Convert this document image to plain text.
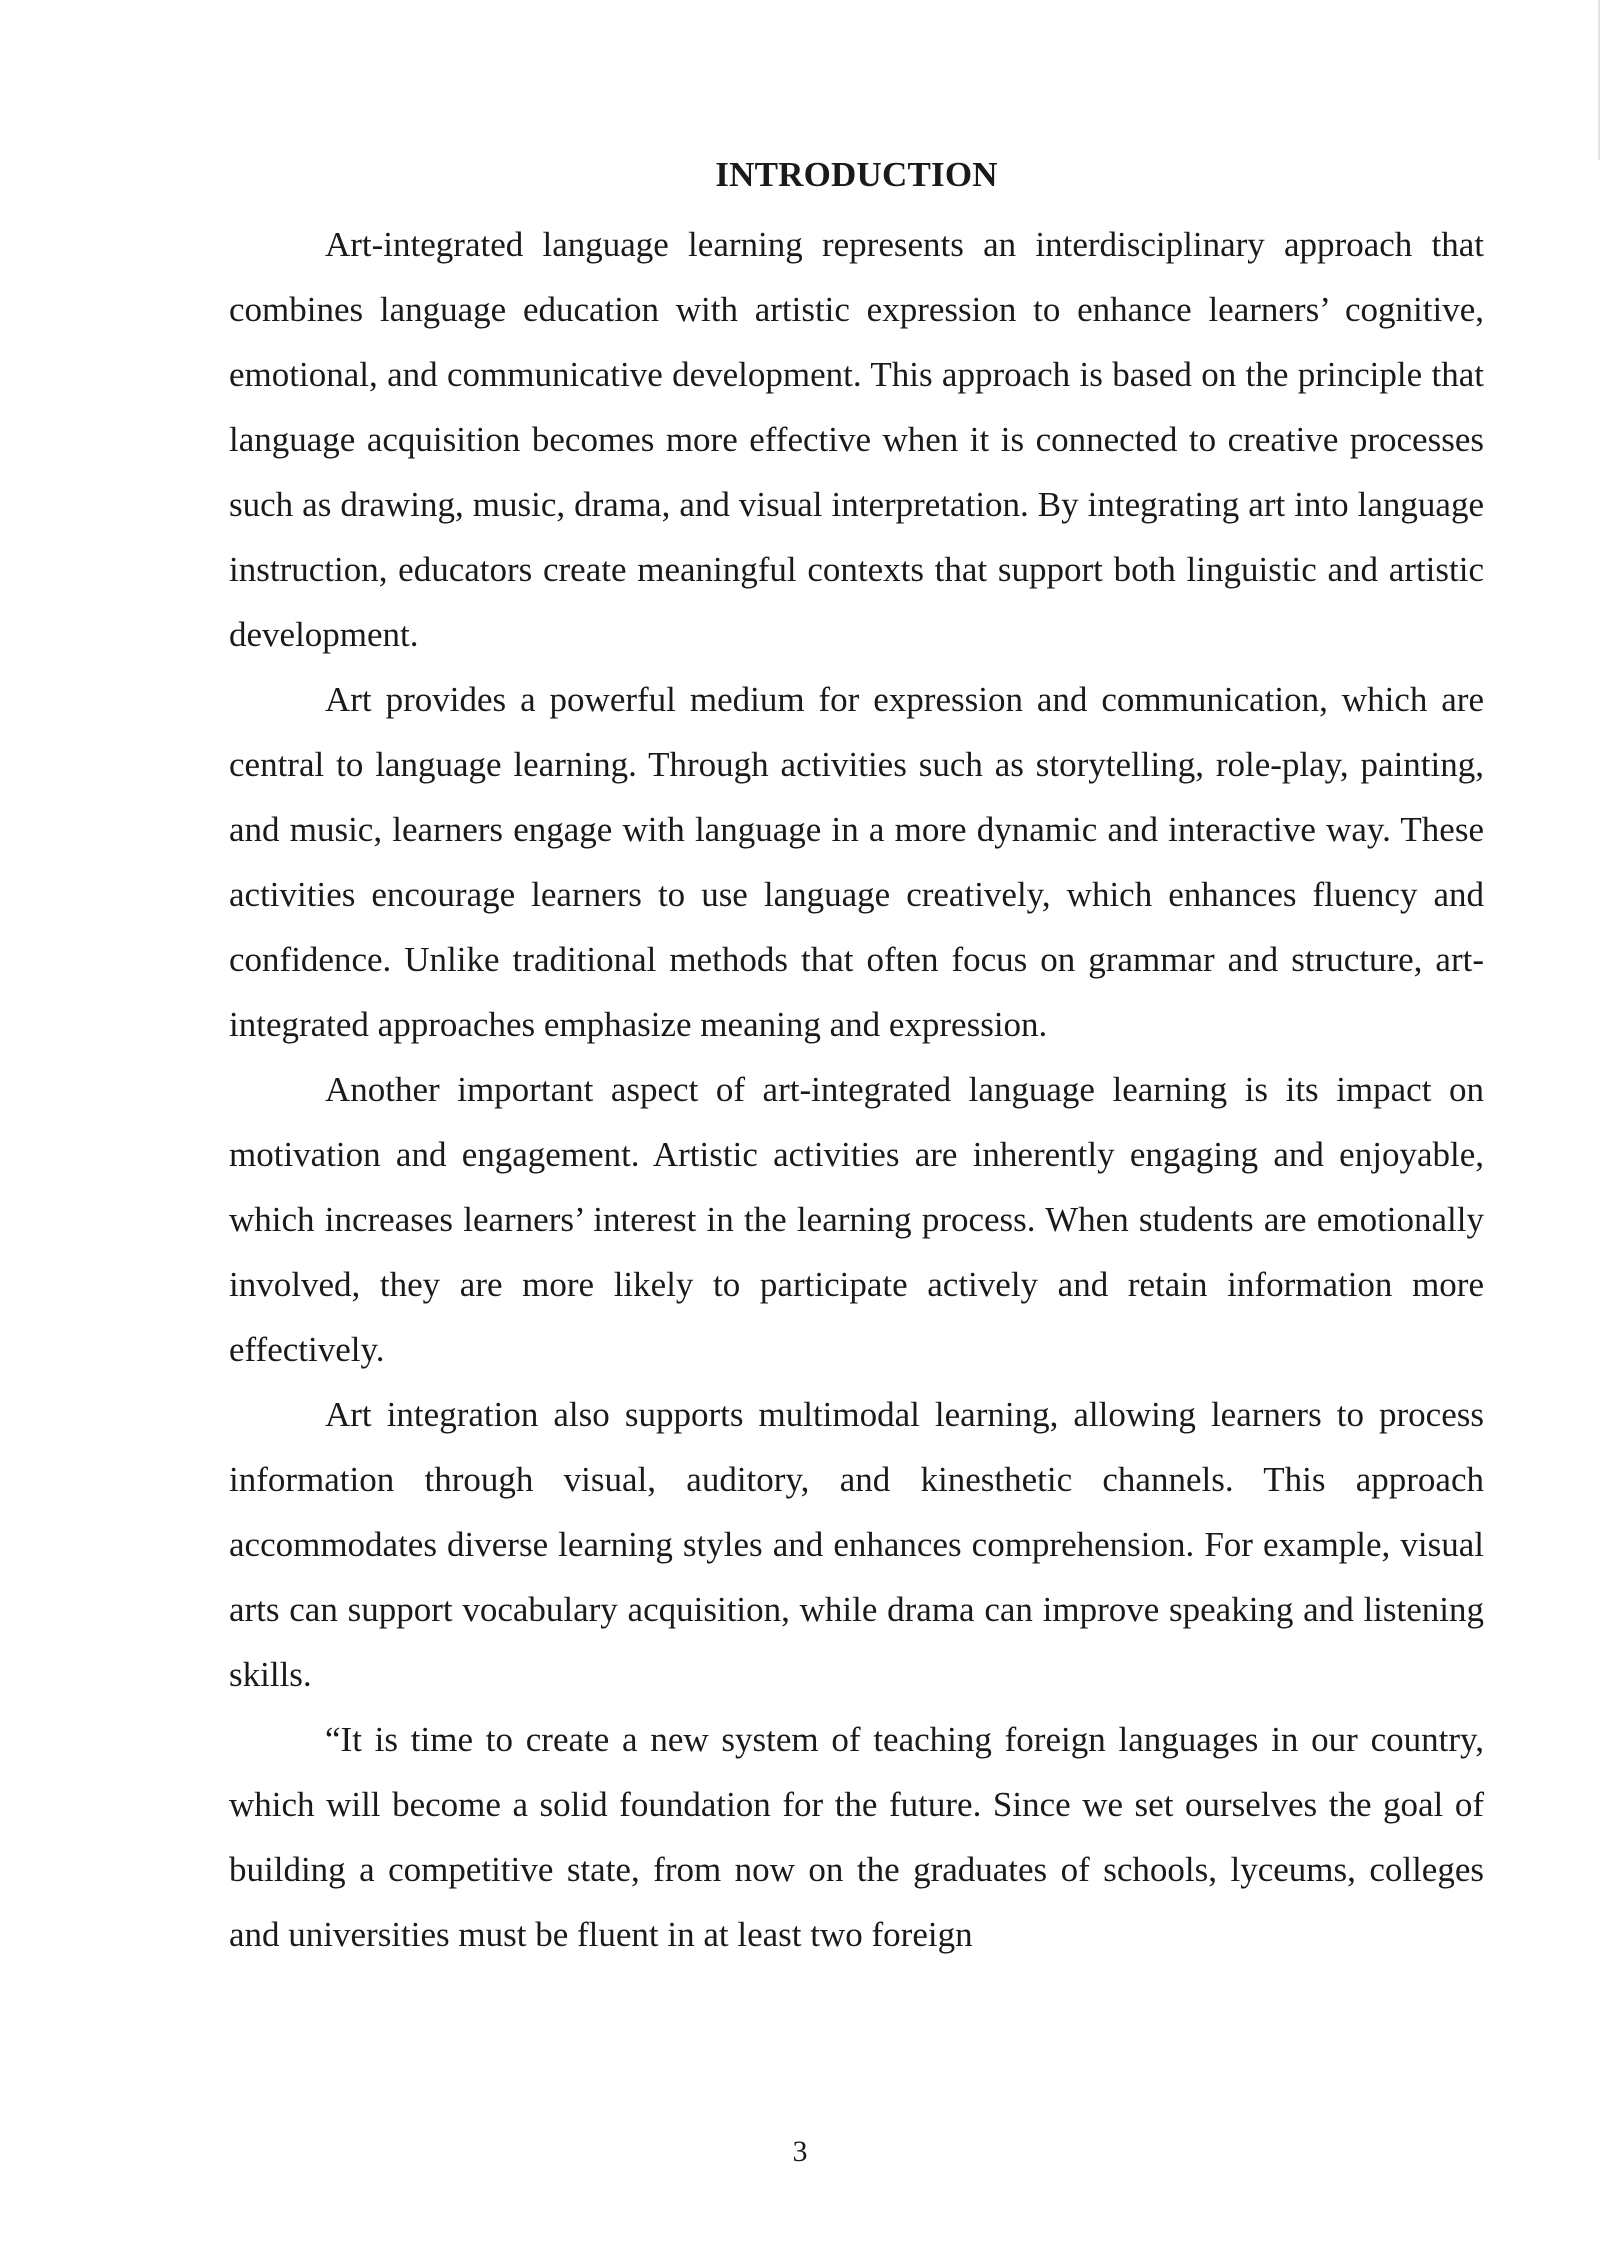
INTRODUCTION

Art-integrated language learning represents an interdisciplinary approach that combines language education with artistic expression to enhance learners’ cognitive, emotional, and communicative development. This approach is based on the principle that language acquisition becomes more effective when it is connected to creative processes such as drawing, music, drama, and visual interpretation. By integrating art into language instruction, educators create meaningful contexts that support both linguistic and artistic development.

Art provides a powerful medium for expression and communication, which are central to language learning. Through activities such as storytelling, role-play, painting, and music, learners engage with language in a more dynamic and interactive way. These activities encourage learners to use language creatively, which enhances fluency and confidence. Unlike traditional methods that often focus on grammar and structure, art-integrated approaches emphasize meaning and expression.

Another important aspect of art-integrated language learning is its impact on motivation and engagement. Artistic activities are inherently engaging and enjoyable, which increases learners’ interest in the learning process. When students are emotionally involved, they are more likely to participate actively and retain information more effectively.

Art integration also supports multimodal learning, allowing learners to process information through visual, auditory, and kinesthetic channels. This approach accommodates diverse learning styles and enhances comprehension. For example, visual arts can support vocabulary acquisition, while drama can improve speaking and listening skills.

“It is time to create a new system of teaching foreign languages in our country, which will become a solid foundation for the future. Since we set ourselves the goal of building a competitive state, from now on the graduates of schools, lyceums, colleges and universities must be fluent in at least two foreign

3
